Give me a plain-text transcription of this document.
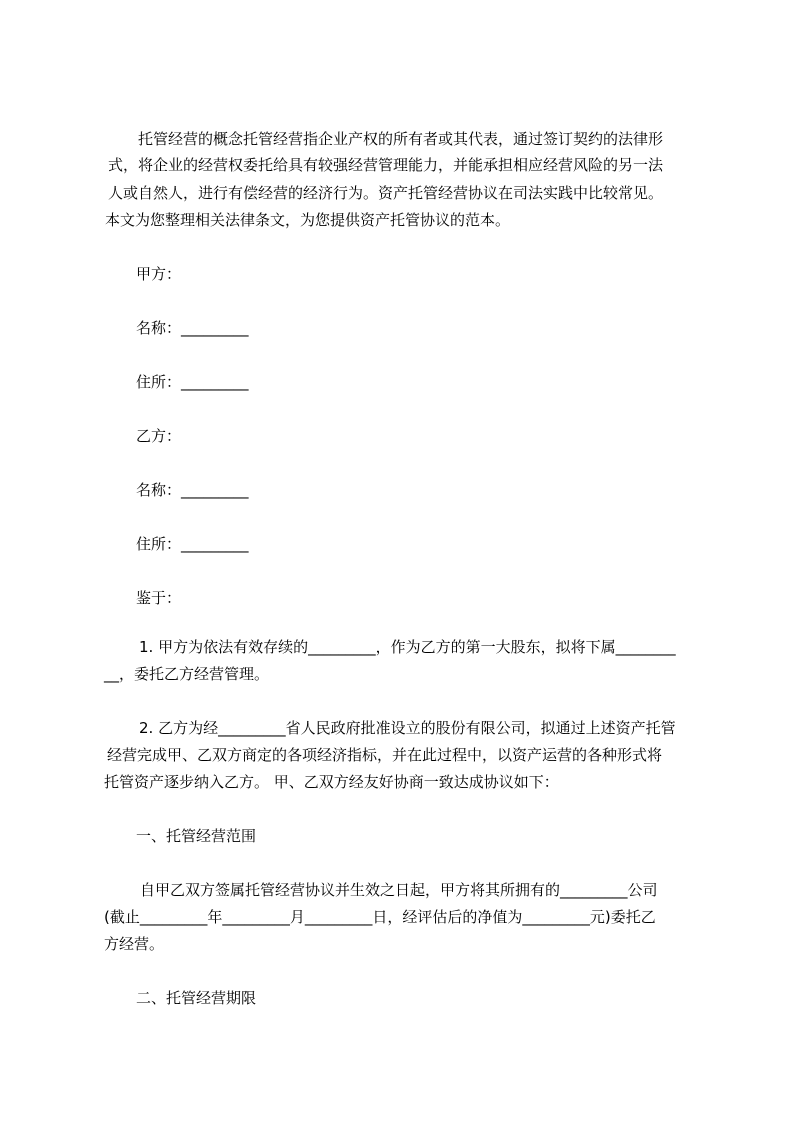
托管经营的概念托管经营指企业产权的所有者或其代表，通过签订契约的法律形
式，将企业的经营权委托给具有较强经营管理能力，并能承担相应经营风险的另一法
人或自然人，进行有偿经营的经济行为。资产托管经营协议在司法实践中比较常见。
本文为您整理相关法律条文，为您提供资产托管协议的范本。
甲方：
名称：_________
住所：_________
乙方：
名称：_________
住所：_________
鉴于：
1. 甲方为依法有效存续的_________，作为乙方的第一大股东，拟将下属________
__，委托乙方经营管理。
2. 乙方为经_________省人民政府批准设立的股份有限公司，拟通过上述资产托管
经营完成甲、乙双方商定的各项经济指标，并在此过程中，以资产运营的各种形式将
托管资产逐步纳入乙方。 甲、乙双方经友好协商一致达成协议如下：
一、托管经营范围
自甲乙双方签属托管经营协议并生效之日起，甲方将其所拥有的_________公司
(截止_________年_________月_________日，经评估后的净值为_________元)委托乙
方经营。
二、托管经营期限
